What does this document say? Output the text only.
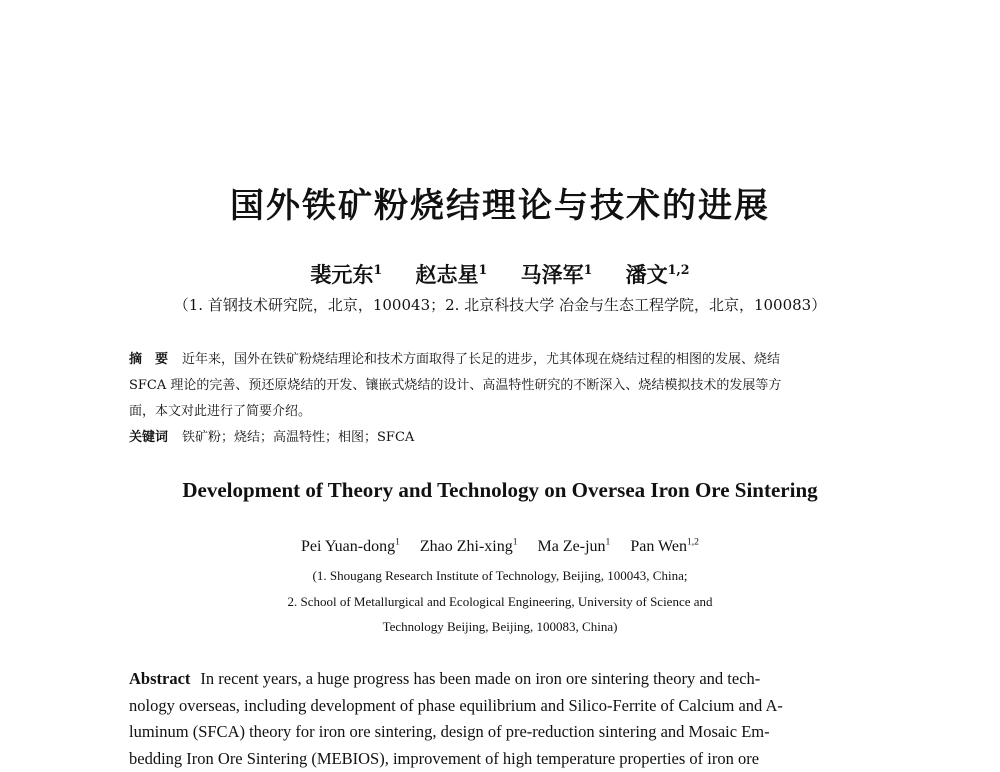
国外铁矿粉烧结理论与技术的进展
裴元东$^1$ 赵志星$^1$ 马泽军$^1$ 潘文$^{1,2}$
（1. 首钢技术研究院，北京，100043；2. 北京科技大学 冶金与生态工程学院，北京，100083）

摘　要 近年来，国外在铁矿粉烧结理论和技术方面取得了长足的进步，尤其体现在烧结过程的相图的发展、烧结

SFCA 理论的完善、预还原烧结的开发、镶嵌式烧结的设计、高温特性研究的不断深入、烧结模拟技术的发展等方

面，本文对此进行了简要介绍。

关键词 铁矿粉；烧结；高温特性；相图；SFCA

Development of Theory and Technology on Oversea Iron Ore Sintering
Pei Yuan-dong$^1$ Zhao Zhi-xing$^1$ Ma Ze-jun$^1$ Pan Wen$^{1,2}$
(1. Shougang Research Institute of Technology, Beijing, 100043, China;
2. School of Metallurgical and Ecological Engineering, University of Science and
Technology Beijing, Beijing, 100083, China)

Abstract In recent years, a huge progress has been made on iron ore sintering theory and tech-

nology overseas, including development of phase equilibrium and Silico-Ferrite of Calcium and A-

luminum (SFCA) theory for iron ore sintering, design of pre-reduction sintering and Mosaic Em-

bedding Iron Ore Sintering (MEBIOS), improvement of high temperature properties of iron ore
